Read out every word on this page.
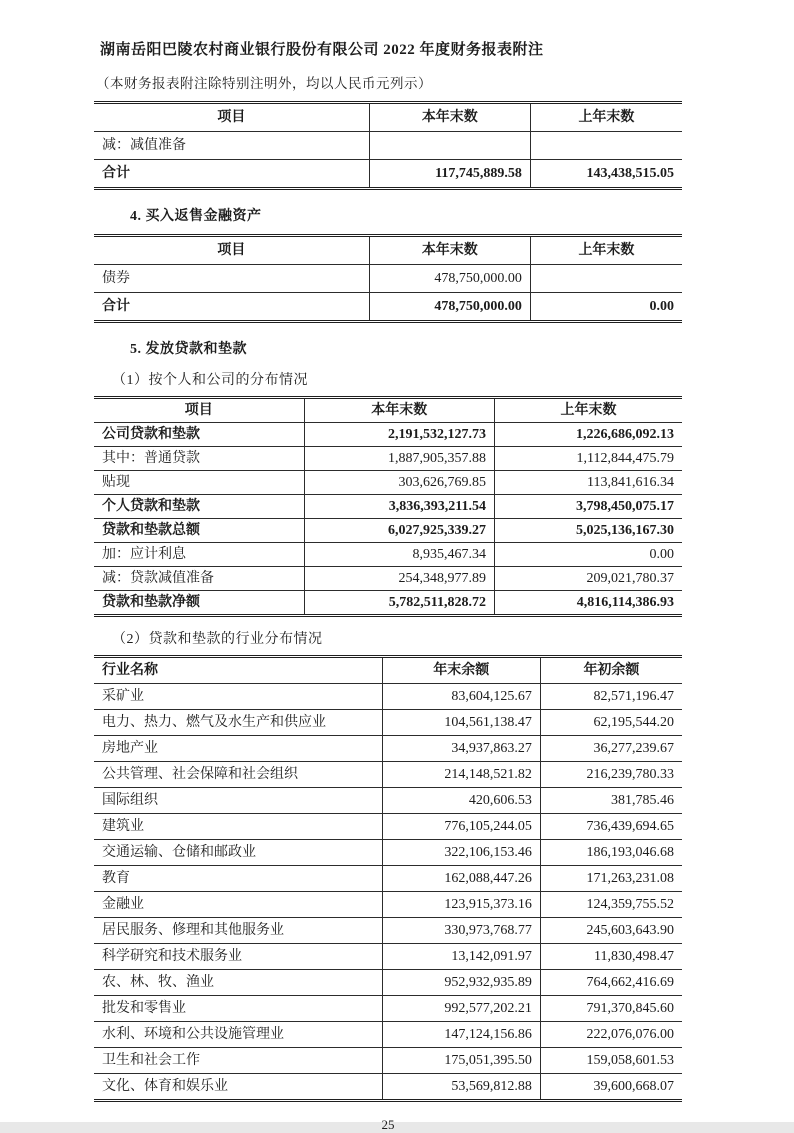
湖南岳阳巴陵农村商业银行股份有限公司 2022 年度财务报表附注
（本财务报表附注除特别注明外，均以人民币元列示）
项目	本年末数	上年末数
减：减值准备		
合计	117,745,889.58	143,438,515.05
4. 买入返售金融资产
项目	本年末数	上年末数
债券	478,750,000.00	
合计	478,750,000.00	0.00
5. 发放贷款和垫款
（1）按个人和公司的分布情况
项目	本年末数	上年末数
公司贷款和垫款	2,191,532,127.73	1,226,686,092.13
其中：普通贷款	1,887,905,357.88	1,112,844,475.79
贴现	303,626,769.85	113,841,616.34
个人贷款和垫款	3,836,393,211.54	3,798,450,075.17
贷款和垫款总额	6,027,925,339.27	5,025,136,167.30
加：应计利息	8,935,467.34	0.00
减：贷款减值准备	254,348,977.89	209,021,780.37
贷款和垫款净额	5,782,511,828.72	4,816,114,386.93
（2）贷款和垫款的行业分布情况
行业名称	年末余额	年初余额
采矿业	83,604,125.67	82,571,196.47
电力、热力、燃气及水生产和供应业	104,561,138.47	62,195,544.20
房地产业	34,937,863.27	36,277,239.67
公共管理、社会保障和社会组织	214,148,521.82	216,239,780.33
国际组织	420,606.53	381,785.46
建筑业	776,105,244.05	736,439,694.65
交通运输、仓储和邮政业	322,106,153.46	186,193,046.68
教育	162,088,447.26	171,263,231.08
金融业	123,915,373.16	124,359,755.52
居民服务、修理和其他服务业	330,973,768.77	245,603,643.90
科学研究和技术服务业	13,142,091.97	11,830,498.47
农、林、牧、渔业	952,932,935.89	764,662,416.69
批发和零售业	992,577,202.21	791,370,845.60
水利、环境和公共设施管理业	147,124,156.86	222,076,076.00
卫生和社会工作	175,051,395.50	159,058,601.53
文化、体育和娱乐业	53,569,812.88	39,600,668.07
25
